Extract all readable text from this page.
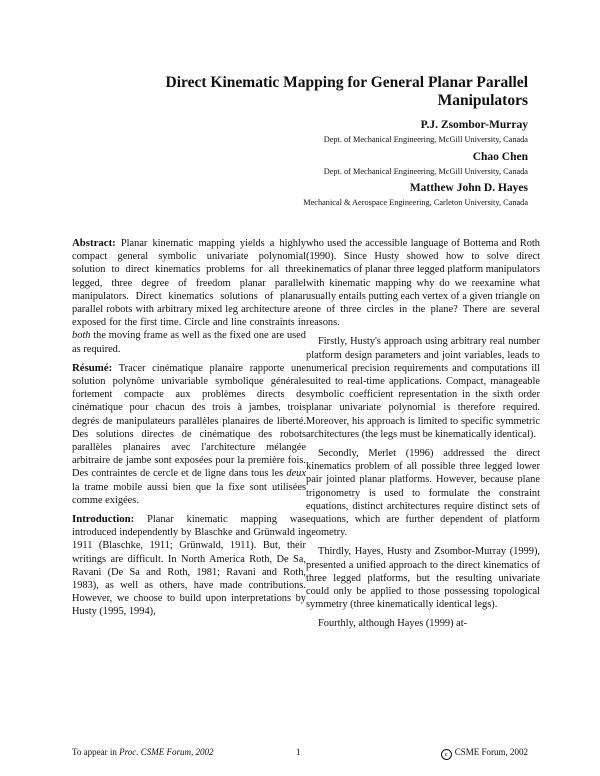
Direct Kinematic Mapping for General Planar Parallel Manipulators
P.J. Zsombor-Murray
Dept. of Mechanical Engineering, McGill University, Canada
Chao Chen
Dept. of Mechanical Engineering, McGill University, Canada
Matthew John D. Hayes
Mechanical & Aerospace Engineering, Carleton University, Canada

Abstract: Planar kinematic mapping yields a highly compact general symbolic univariate polynomial solution to direct kinematics problems for all three legged, three degree of freedom planar parallel manipulators. Direct kinematics solutions of planar parallel robots with arbitrary mixed leg architecture are exposed for the first time. Circle and line constraints in both the moving frame as well as the fixed one are used as required.

Résumé: Tracer cinématique planaire rapporte une solution polynôme univariable symbolique générale fortement compacte aux problèmes directs de cinématique pour chacun des trois à jambes, trois degrés de manipulateurs parallèles planaires de liberté. Des solutions directes de cinématique des robots parallèles planaires avec l'architecture mélangée arbitraire de jambe sont exposées pour la première fois. Des contraintes de cercle et de ligne dans tous les deux la trame mobile aussi bien que la fixe sont utilisées comme exigées.

Introduction: Planar kinematic mapping was introduced independently by Blaschke and Grünwald in 1911 (Blaschke, 1911; Grünwald, 1911). But, their writings are difficult. In North America Roth, De Sa, Ravani (De Sa and Roth, 1981; Ravani and Roth, 1983), as well as others, have made contributions. However, we choose to build upon interpretations by Husty (1995, 1994),

who used the accessible language of Bottema and Roth (1990). Since Husty showed how to solve direct kinematics of planar three legged platform manipulators with kinematic mapping why do we reexamine what usually entails putting each vertex of a given triangle on one of three circles in the plane? There are several reasons.

Firstly, Husty's approach using arbitrary real number platform design parameters and joint variables, leads to numerical precision requirements and computations ill suited to real-time applications. Compact, manageable symbolic coefficient representation in the sixth order planar univariate polynomial is therefore required. Moreover, his approach is limited to specific symmetric architectures (the legs must be kinematically identical).

Secondly, Merlet (1996) addressed the direct kinematics problem of all possible three legged lower pair jointed planar platforms. However, because plane trigonometry is used to formulate the constraint equations, distinct architectures require distinct sets of equations, which are further dependent of platform geometry.

Thirdly, Hayes, Husty and Zsombor-Murray (1999), presented a unified approach to the direct kinematics of three legged platforms, but the resulting univariate could only be applied to those possessing topological symmetry (three kinematically identical legs).

Fourthly, although Hayes (1999) at-

To appear in Proc. CSME Forum, 2002	1	c CSME Forum, 2002
